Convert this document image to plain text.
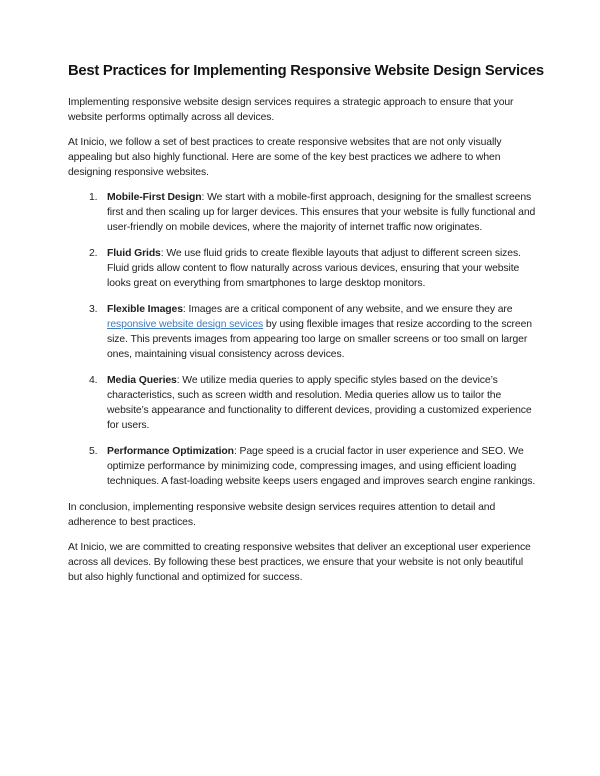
Best Practices for Implementing Responsive Website Design Services

Implementing responsive website design services requires a strategic approach to ensure that your website performs optimally across all devices.

At Inicio, we follow a set of best practices to create responsive websites that are not only visually appealing but also highly functional. Here are some of the key best practices we adhere to when designing responsive websites.

1. Mobile-First Design: We start with a mobile-first approach, designing for the smallest screens first and then scaling up for larger devices. This ensures that your website is fully functional and user-friendly on mobile devices, where the majority of internet traffic now originates.
2. Fluid Grids: We use fluid grids to create flexible layouts that adjust to different screen sizes. Fluid grids allow content to flow naturally across various devices, ensuring that your website looks great on everything from smartphones to large desktop monitors.
3. Flexible Images: Images are a critical component of any website, and we ensure they are responsive website design sevices by using flexible images that resize according to the screen size. This prevents images from appearing too large on smaller screens or too small on larger ones, maintaining visual consistency across devices.
4. Media Queries: We utilize media queries to apply specific styles based on the device’s characteristics, such as screen width and resolution. Media queries allow us to tailor the website’s appearance and functionality to different devices, providing a customized experience for users.
5. Performance Optimization: Page speed is a crucial factor in user experience and SEO. We optimize performance by minimizing code, compressing images, and using efficient loading techniques. A fast-loading website keeps users engaged and improves search engine rankings.

In conclusion, implementing responsive website design services requires attention to detail and adherence to best practices.

At Inicio, we are committed to creating responsive websites that deliver an exceptional user experience across all devices. By following these best practices, we ensure that your website is not only beautiful but also highly functional and optimized for success.
